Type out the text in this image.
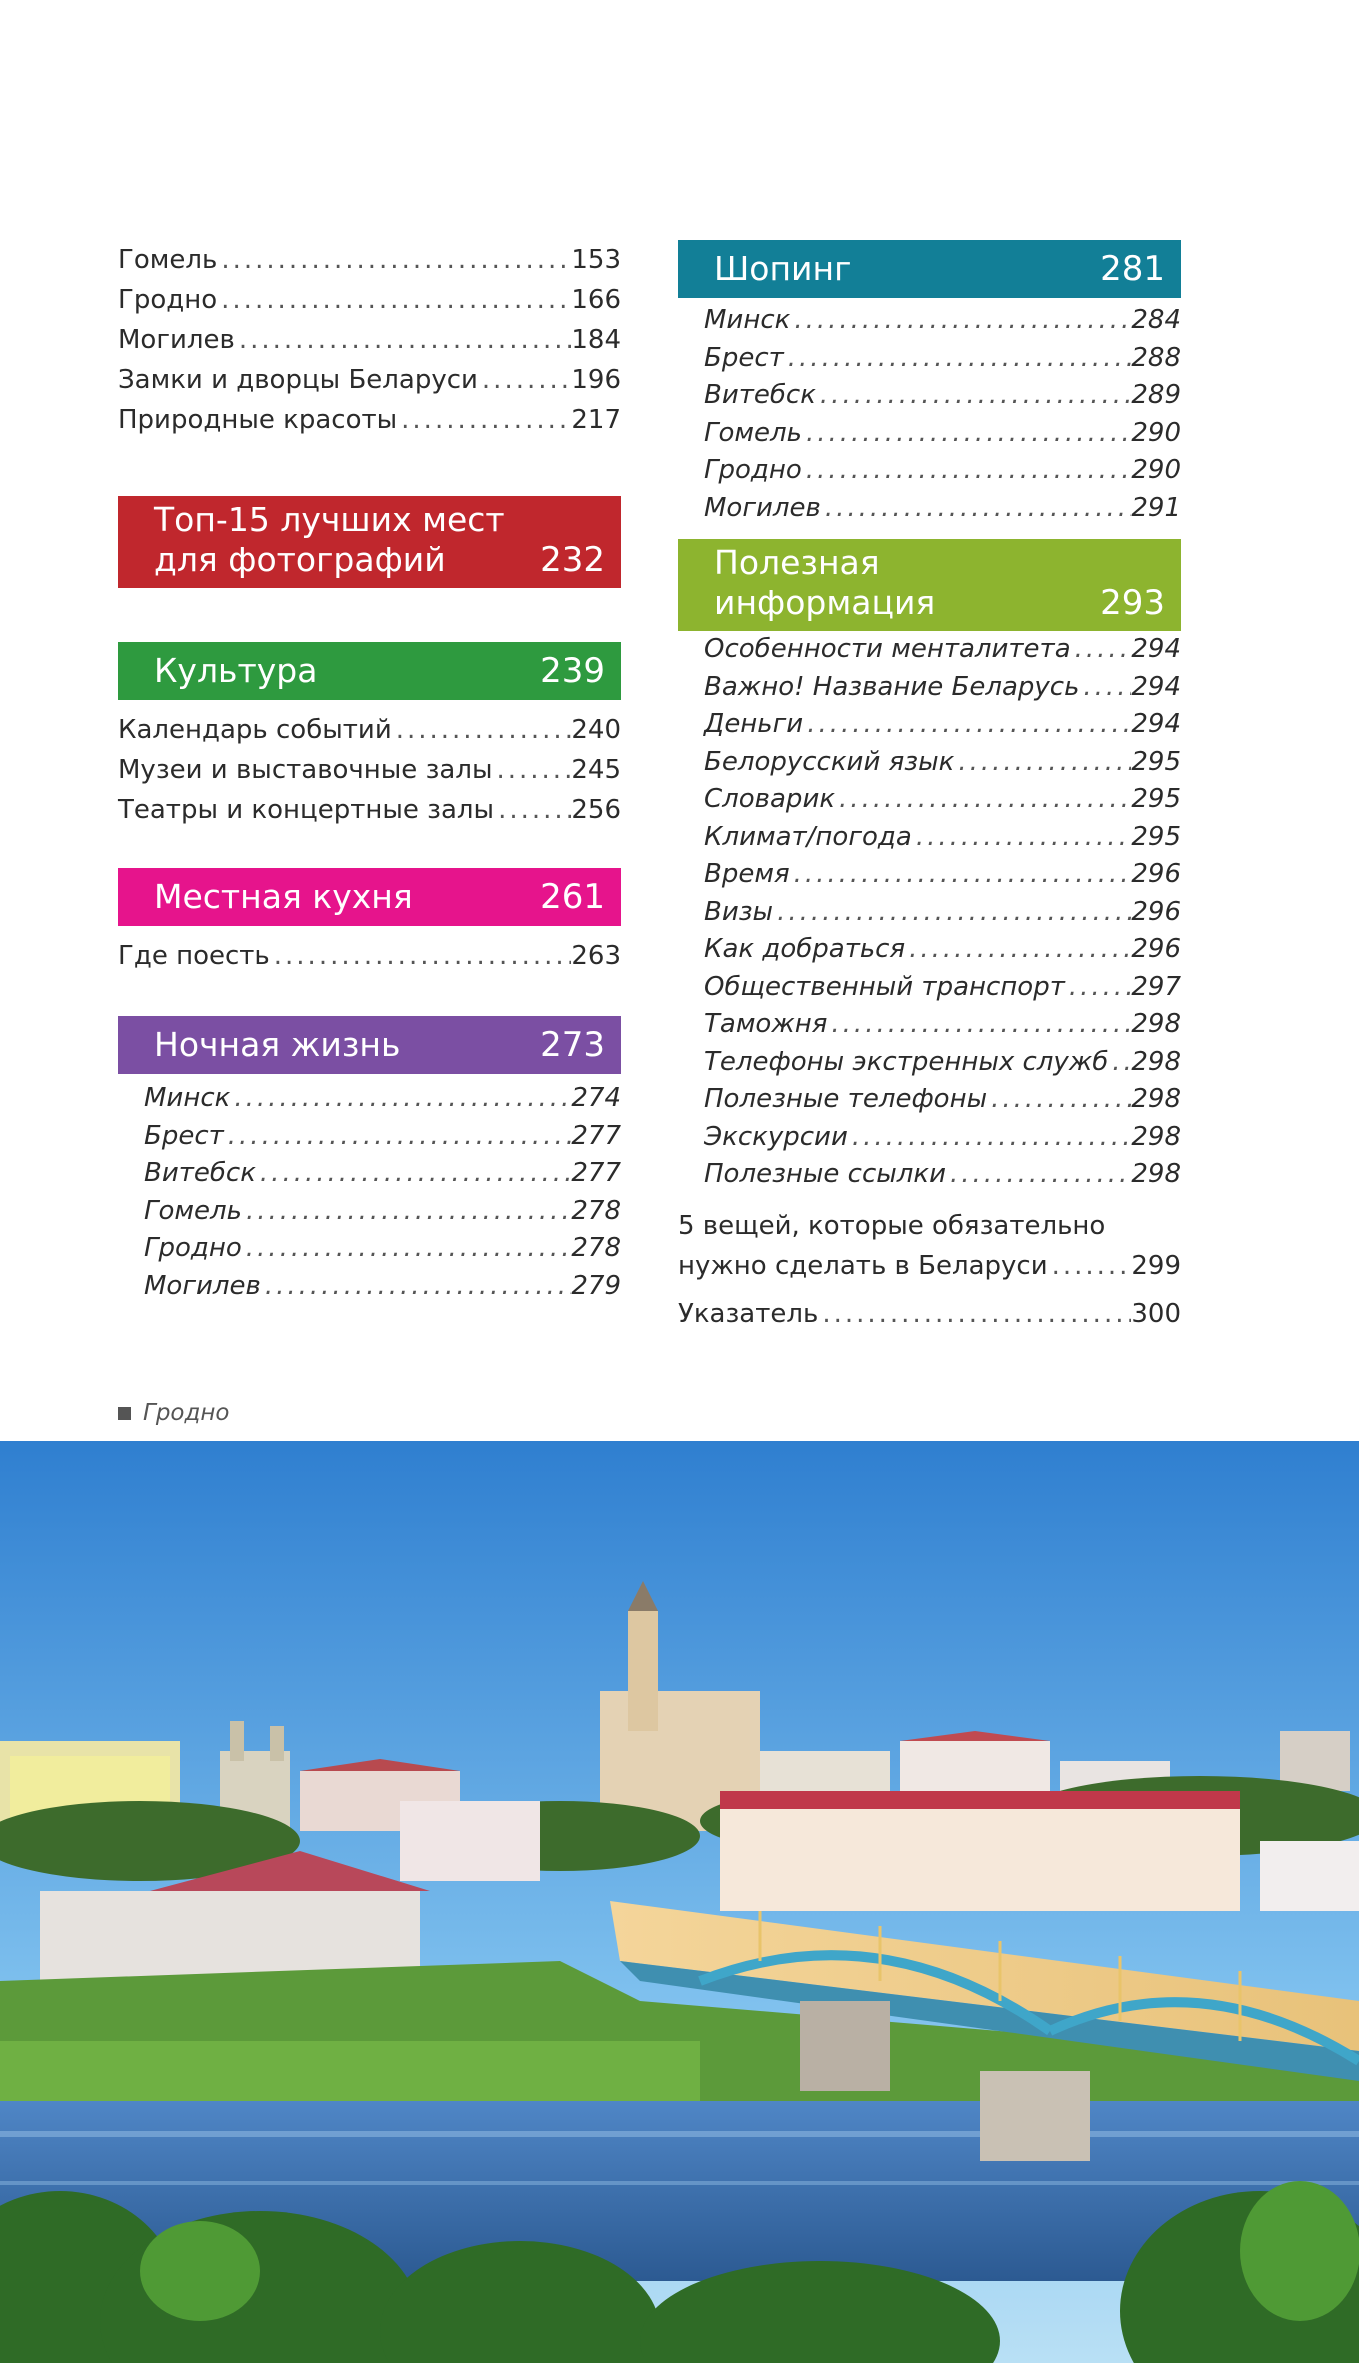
Гомель .....	153
Гродно .....	166
Могилев .....	184
Замки и дворцы Беларуси .....	196
Природные красоты .....	217
Топ-15 лучших мест
для фотографий	232
Культура	239
Календарь событий .....	240
Музеи и выставочные залы .....	245
Театры и концертные залы .....	256
Местная кухня	261
Где поесть .....	263
Ночная жизнь	273
Минск .....	274
Брест .....	277
Витебск .....	277
Гомель .....	278
Гродно .....	278
Могилев .....	279
Шопинг	281
Минск .....	284
Брест .....	288
Витебск .....	289
Гомель .....	290
Гродно .....	290
Могилев .....	291
Полезная
информация	293
Особенности менталитета ..... 294
Важно! Название Беларусь ..... 294
Деньги .....	294
Белорусский язык .....	295
Словарик .....	295
Климат/погода .....	295
Время .....	296
Визы .....	296
Как добраться .....	296
Общественный транспорт .....	297
Таможня .....	298
Телефоны экстренных служб ..... 298
Полезные телефоны .....	298
Экскурсии .....	298
Полезные ссылки .....	298
5 вещей, которые обязательно
нужно сделать в Беларуси .....	299
Указатель .....	300
Гродно
